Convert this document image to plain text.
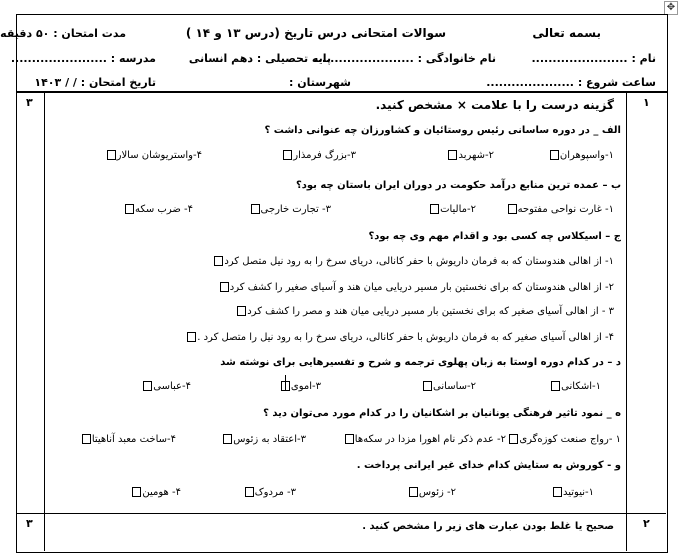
✥
بسمه تعالی
سوالات امتحانی درس تاریخ (درس ۱۳ و ۱۴ )
مدت امتحان : ۵۰ دقیقه
نام : .......................
نام خانوادگی : ........................
پایه تحصیلی : دهم انسانی
مدرسه : .......................
ساعت شروع : .....................
شهرستان :
تاریخ امتحان : / / ۱۴۰۳
۱
۳	گزینه درست را با علامت × مشخص کنید.
الف _ در دوره ساسانی رئیس روستائیان و کشاورزان چه عنوانی داشت ؟
۱-واسپوهران
۲-شهربد
۳-بزرگ فرمذار
۴-واستریوشان سالار
ب – عمده ترین منابع درآمد حکومت در دوران ایران باستان چه بود؟
۱- غارت نواحی مفتوحه
۲-مالیات
۳- تجارت خارجی
۴- ضرب سکه
ج – اسیکلاس چه کسی بود و اقدام مهم وی چه بود؟
۱- از اهالی هندوستان که به فرمان داریوش با حفر کانالی، دریای سرخ را به رود نیل متصل کرد
۲- از اهالی هندوستان که برای نخستین بار مسیر دریایی میان هند و آسیای صغیر را کشف کرد
۳ - از اهالی آسیای صغیر که برای نخستین بار مسیر دریایی میان هند و مصر را کشف کرد
۴- از اهالی آسیای صغیر که به فرمان داریوش با حفر کانالی، دریای سرخ را به رود نیل را متصل کرد .
د – در کدام دوره اوستا به زبان پهلوی ترجمه و شرح و تفسیرهایی برای نوشته شد
۱-اشکانی
۲-ساسانی
۳-اموی
۴-عباسی
ه _ نمود تاثیر فرهنگی یونانیان بر اشکانیان را در کدام مورد می‌توان دید ؟
۱ -رواج صنعت کوزه‌گری
۲- عدم ذکر نام اهورا مزدا در سکه‌ها
۳-اعتقاد به زئوس
۴-ساخت معبد آناهیتا
و - کوروش به ستایش کدام خدای غیر ایرانی پرداخت .
۱-نیوتید
۲- زئوس
۳- مردوک
۴- هومین
۲
۳	صحیح یا غلط بودن عبارت های زیر را مشخص کنید .
